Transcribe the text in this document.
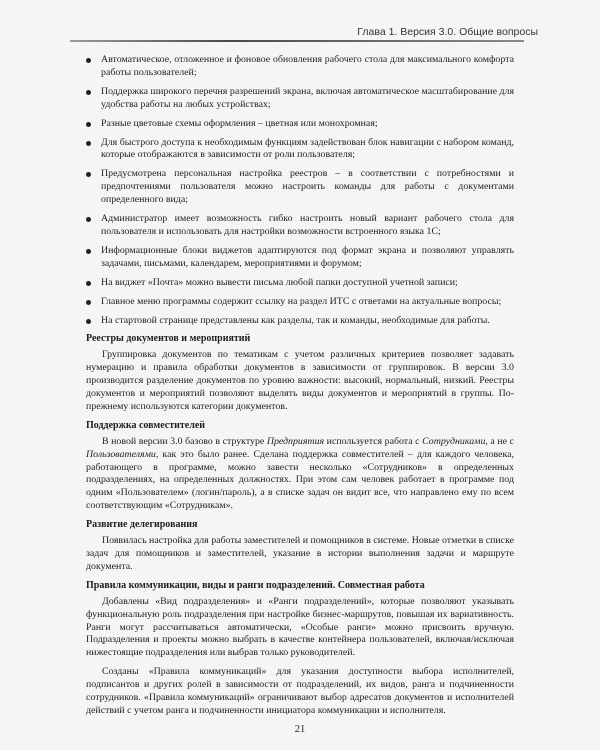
Глава 1. Версия 3.0. Общие вопросы
Автоматическое, отложенное и фоновое обновления рабочего стола для максимального комфорта работы пользователей;
Поддержка широкого перечня разрешений экрана, включая автоматическое масштабирование для удобства работы на любых устройствах;
Разные цветовые схемы оформления – цветная или монохромная;
Для быстрого доступа к необходимым функциям задействован блок навигации с набором команд, которые отображаются в зависимости от роли пользователя;
Предусмотрена персональная настройка реестров – в соответствии с потребностями и предпочтениями пользователя можно настроить команды для работы с документами определенного вида;
Администратор имеет возможность гибко настроить новый вариант рабочего стола для пользователя и использовать для настройки возможности встроенного языка 1С;
Информационные блоки виджетов адаптируются под формат экрана и позволяют управлять задачами, письмами, календарем, мероприятиями и форумом;
На виджет «Почта» можно вывести письма любой папки доступной учетной записи;
Главное меню программы содержит ссылку на раздел ИТС с ответами на актуальные вопросы;
На стартовой странице представлены как разделы, так и команды, необходимые для работы.
Реестры документов и мероприятий

Группировка документов по тематикам с учетом различных критериев позволяет задавать нумерацию и правила обработки документов в зависимости от группировок. В версии 3.0 производится разделение документов по уровню важности: высокий, нормальный, низкий. Реестры документов и мероприятий позволяют выделять виды документов и мероприятий в группы. По-прежнему используются категории документов.

Поддержка совместителей

В новой версии 3.0 базово в структуре Предприятия используется работа с Сотрудниками, а не с Пользователями, как это было ранее. Сделана поддержка совместителей – для каждого человека, работающего в программе, можно завести несколько «Сотрудников» в определенных подразделениях, на определенных должностях. При этом сам человек работает в программе под одним «Пользователем» (логин/пароль), а в списке задач он видит все, что направлено ему по всем соответствующим «Сотрудникам».

Развитие делегирования

Появилась настройка для работы заместителей и помощников в системе. Новые отметки в списке задач для помощников и заместителей, указание в истории выполнения задачи и маршруте документа.

Правила коммуникации, виды и ранги подразделений. Совместная работа

Добавлены «Вид подразделения» и «Ранги подразделений», которые позволяют указывать функциональную роль подразделения при настройке бизнес-маршрутов, повышая их вариативность. Ранги могут рассчитываться автоматически, «Особые ранги» можно присвоить вручную. Подразделения и проекты можно выбрать в качестве контейнера пользователей, включая/исключая нижестоящие подразделения или выбрав только руководителей.

Созданы «Правила коммуникаций» для указания доступности выбора исполнителей, подписантов и других ролей в зависимости от подразделений, их видов, ранга и подчиненности сотрудников. «Правила коммуникаций» ограничивают выбор адресатов документов и исполнителей действий с учетом ранга и подчиненности инициатора коммуникации и исполнителя.

21
